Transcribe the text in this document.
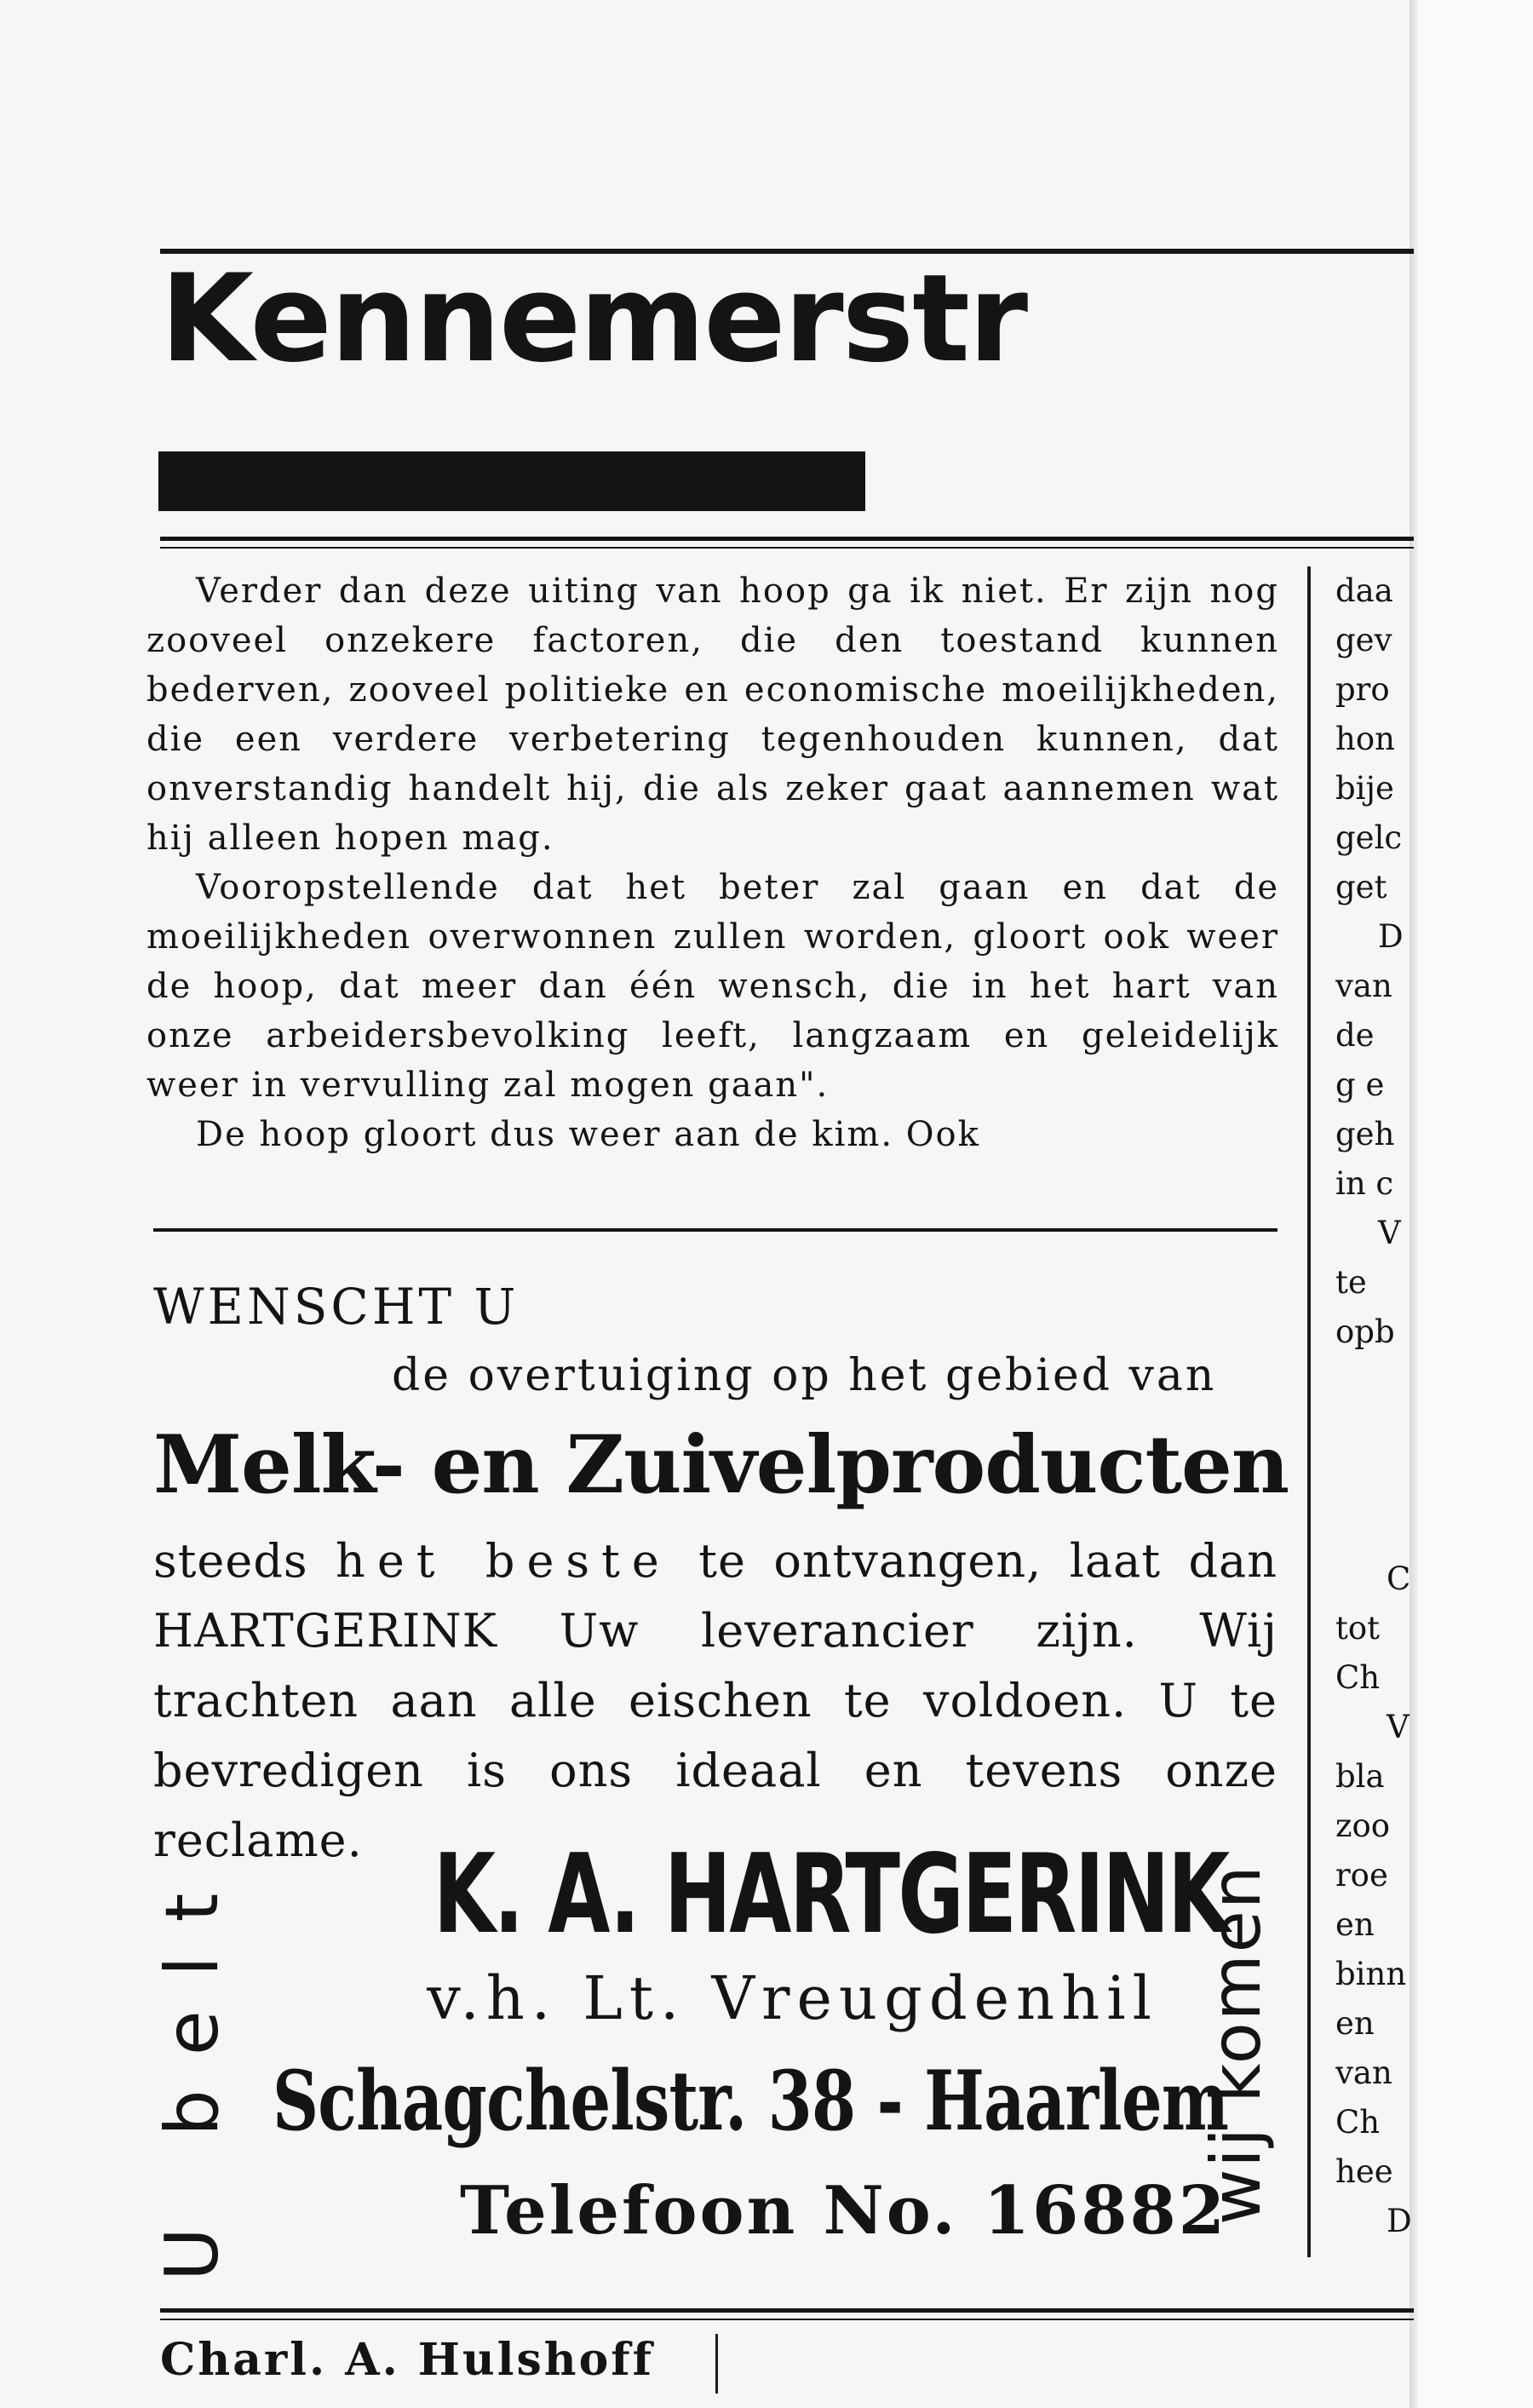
Kennemerstr

Verder dan deze uiting van hoop ga ik niet. Er zijn nog zooveel onzekere factoren, die den toestand kunnen bederven, zooveel politieke en economische moeilijkheden, die een verdere verbetering tegenhouden kunnen, dat onverstandig handelt hij, die als zeker gaat aannemen wat hij alleen hopen mag.

Vooropstellende dat het beter zal gaan en dat de moeilijkheden overwonnen zullen worden, gloort ook weer de hoop, dat meer dan één wensch, die in het hart van onze arbeidersbevolking leeft, langzaam en geleidelijk weer in vervulling zal mogen gaan".

De hoop gloort dus weer aan de kim. Ook

daa
gev
pro
hon
bije
gelc
get
D
van
de
g e
geh
in c
V
te
opb
C
tot
Ch
V
bla
zoo
roe
en
binn
en
van
Ch
hee
D
WENSCHT U
de overtuiging op het gebied van
Melk- en Zuivelproducten
steeds het beste te ontvangen, laat dan HARTGERINK Uw leverancier zijn. Wij trachten aan alle eischen te voldoen. U te bevredigen is ons ideaal en tevens onze reclame.
U belt	wij komen
K. A. HARTGERINK
v.h. Lt. Vreugdenhil
Schagchelstr. 38 - Haarlem
Telefoon No. 16882
Charl. A. Hulshoff
